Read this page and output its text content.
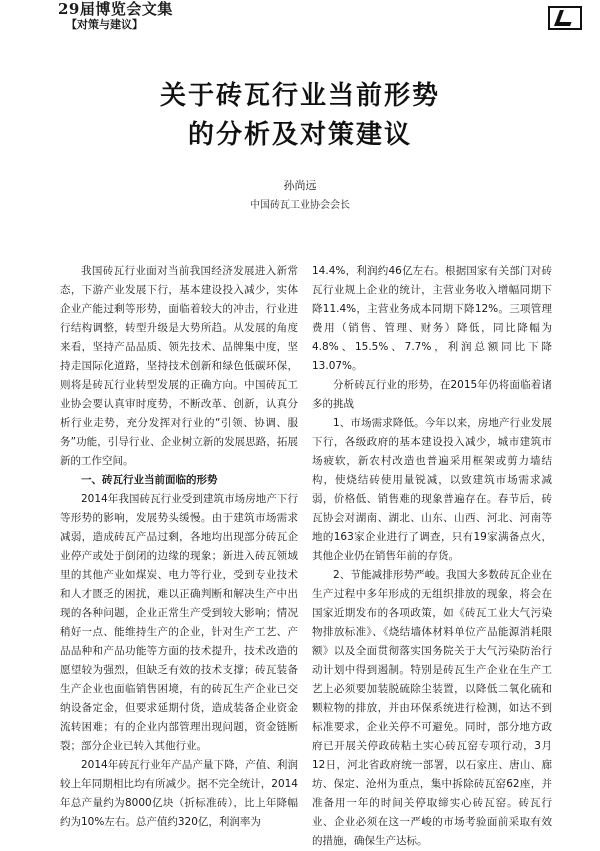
29届博览会文集
【对策与建议】
关于砖瓦行业当前形势
的分析及对策建议
孙尚远
中国砖瓦工业协会会长

我国砖瓦行业面对当前我国经济发展进入新常态，下游产业发展下行，基本建设投入减少，实体企业产能过剩等形势，面临着较大的冲击，行业进行结构调整，转型升级是大势所趋。从发展的角度来看，坚持产品品质、领先技术、品牌集中度，坚持走国际化道路，坚持技术创新和绿色低碳环保，则将是砖瓦行业转型发展的正确方向。中国砖瓦工业协会要认真审时度势，不断改革、创新，认真分析行业走势，充分发挥对行业的“引领、协调、服务”功能，引导行业、企业树立新的发展思路，拓展新的工作空间。

一、砖瓦行业当前面临的形势

2014年我国砖瓦行业受到建筑市场房地产下行等形势的影响，发展势头缓慢。由于建筑市场需求减弱，造成砖瓦产品过剩，各地均出现部分砖瓦企业停产或处于倒闭的边缘的现象；新进入砖瓦领域里的其他产业如煤炭、电力等行业，受到专业技术和人才匮乏的困扰，难以正确判断和解决生产中出现的各种问题，企业正常生产受到较大影响；情况稍好一点、能维持生产的企业，针对生产工艺、产品品种和产品功能等方面的技术提升，技术改造的愿望较为强烈，但缺乏有效的技术支撑；砖瓦装备生产企业也面临销售困境，有的砖瓦生产企业已交纳设备定金，但要求延期付货，造成装备企业资金流转困难；有的企业内部管理出现问题，资金链断裂；部分企业已转入其他行业。

2014年砖瓦行业年产品产量下降，产值、利润较上年同期相比均有所减少。据不完全统计，2014年总产量约为8000亿块（折标准砖），比上年降幅约为10%左右。总产值约320亿，利润率为

14.4%，利润约46亿左右。根据国家有关部门对砖瓦行业规上企业的统计，主营业务收入增幅同期下降11.4%，主营业务成本同期下降12%。三项管理费用（销售、管理、财务）降低，同比降幅为4.8%、15.5%、7.7%，利润总额同比下降13.07%。

分析砖瓦行业的形势，在2015年仍将面临着诸多的挑战

1、市场需求降低。今年以来，房地产行业发展下行，各级政府的基本建设投入减少，城市建筑市场疲软，新农村改造也普遍采用框架或剪力墙结构，使烧结砖使用量锐减，以致建筑市场需求减弱，价格低、销售难的现象普遍存在。春节后，砖瓦协会对湖南、湖北、山东、山西、河北、河南等地的163家企业进行了调查，只有19家满备点火，其他企业仍在销售年前的存货。

2、节能减排形势严峻。我国大多数砖瓦企业在生产过程中多年形成的无组织排放的现象，将会在国家近期发布的各项政策，如《砖瓦工业大气污染物排放标准》、《烧结墙体材料单位产品能源消耗限额》以及全面贯彻落实国务院关于大气污染防治行动计划中得到遏制。特别是砖瓦生产企业在生产工艺上必须要加装脱硫除尘装置，以降低二氧化硫和颗粒物的排放，并由环保系统进行检测，如达不到标准要求，企业关停不可避免。同时，部分地方政府已开展关停政砖粘土实心砖瓦窑专项行动，3月12日，河北省政府统一部署，以石家庄、唐山、廊坊、保定、沧州为重点，集中拆除砖瓦窑62座，并准备用一年的时间关停取缔实心砖瓦窑。砖瓦行业、企业必须在这一严峻的市场考验面前采取有效的措施，确保生产达标。
